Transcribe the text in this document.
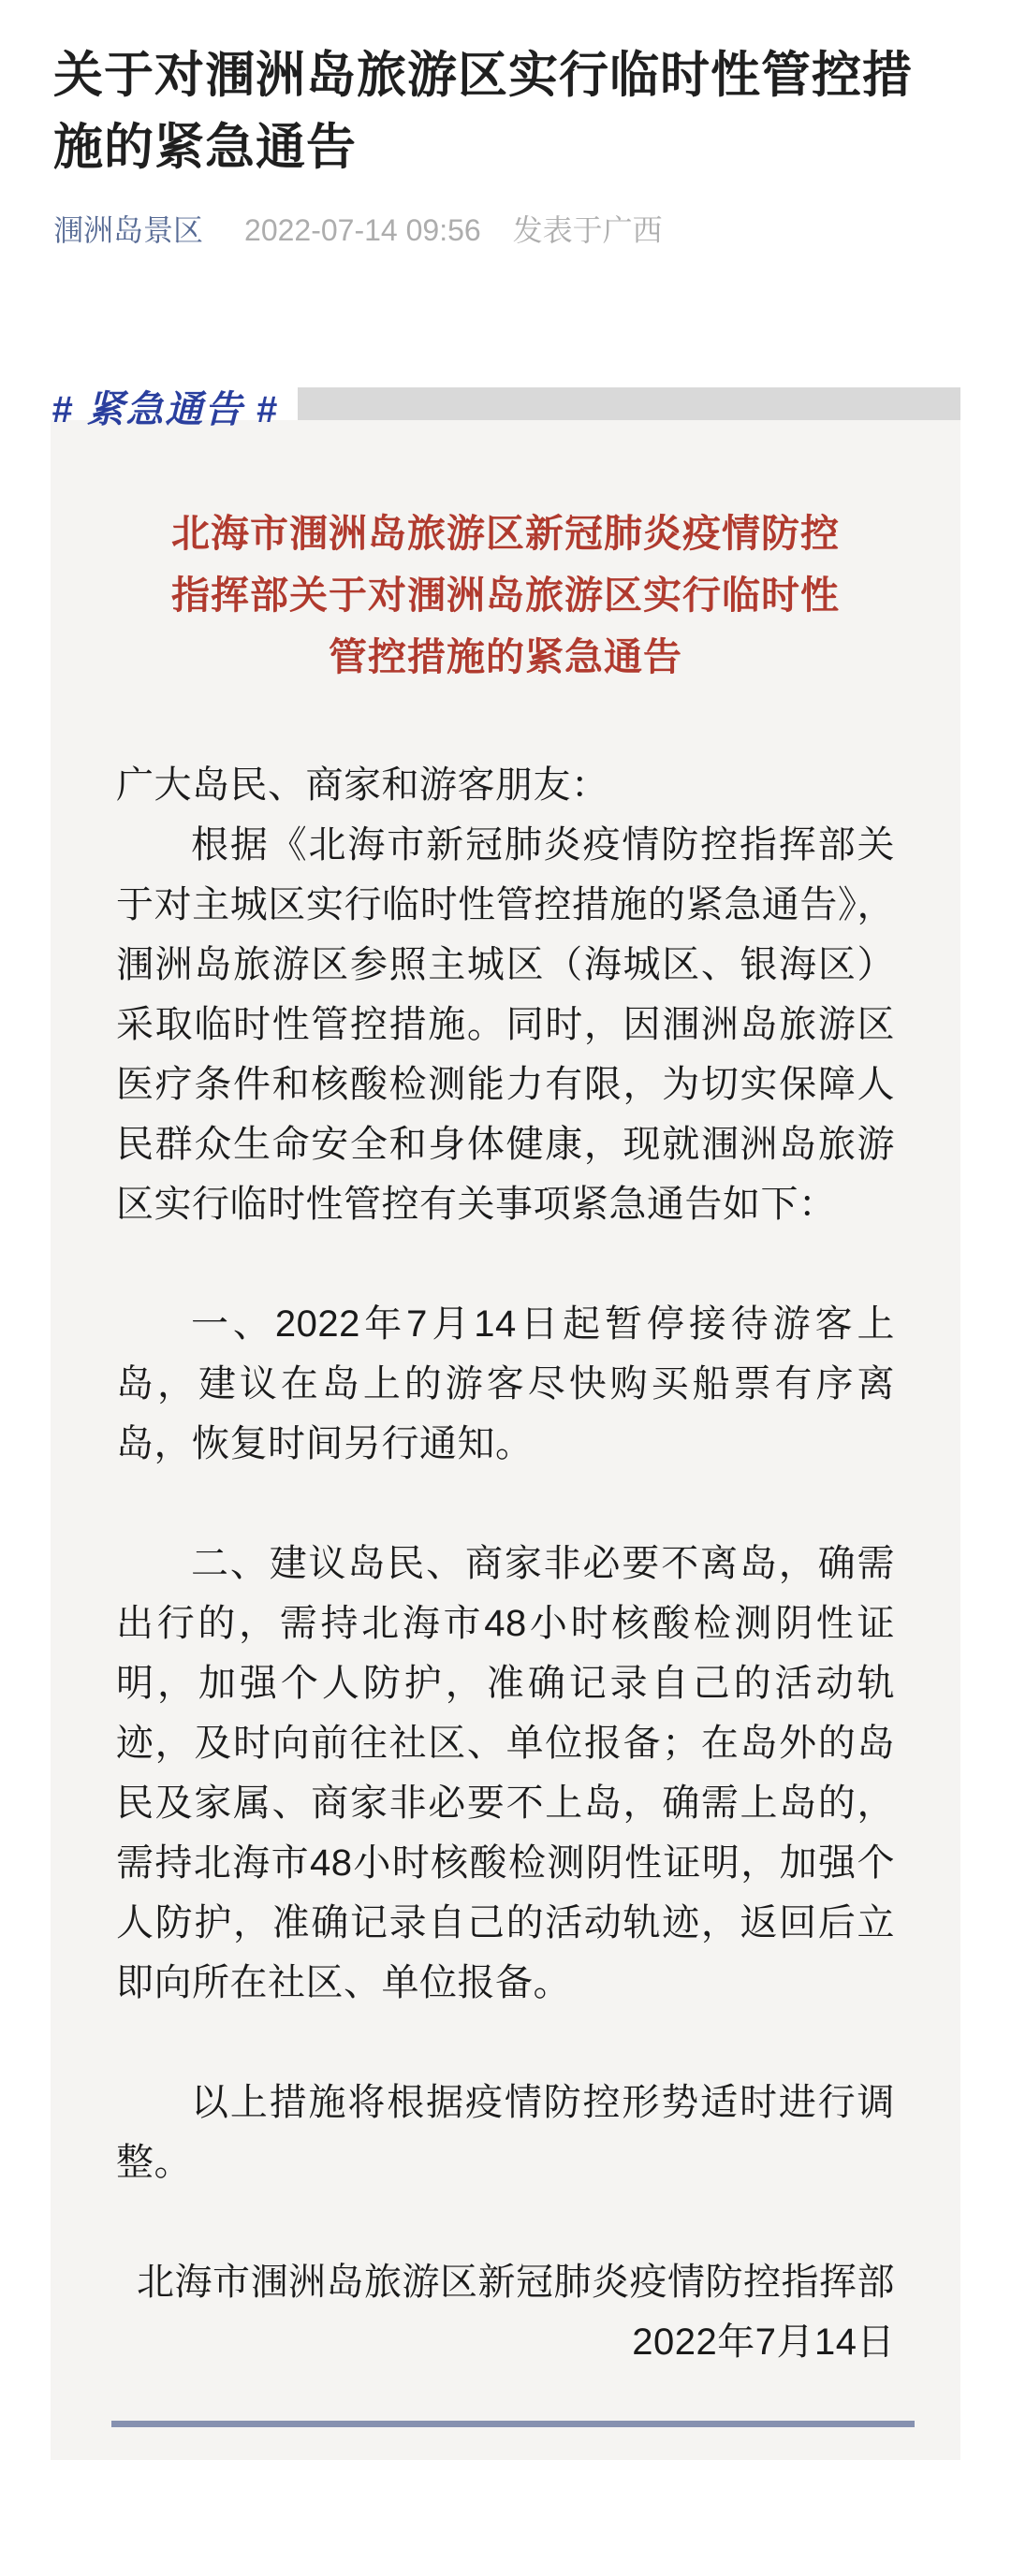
关于对涠洲岛旅游区实行临时性管控措施的紧急通告
涠洲岛景区 2022-07-14 09:56 发表于广西
# 紧急通告 #
北海市涠洲岛旅游区新冠肺炎疫情防控
指挥部关于对涠洲岛旅游区实行临时性
管控措施的紧急通告

广大岛民、商家和游客朋友：

根据《北海市新冠肺炎疫情防控指挥部关于对主城区实行临时性管控措施的紧急通告》，涠洲岛旅游区参照主城区（海城区、银海区）采取临时性管控措施。同时，因涠洲岛旅游区医疗条件和核酸检测能力有限，为切实保障人民群众生命安全和身体健康，现就涠洲岛旅游区实行临时性管控有关事项紧急通告如下：

一、2022年7月14日起暂停接待游客上岛，建议在岛上的游客尽快购买船票有序离岛，恢复时间另行通知。

二、建议岛民、商家非必要不离岛，确需出行的，需持北海市48小时核酸检测阴性证明，加强个人防护，准确记录自己的活动轨迹，及时向前往社区、单位报备；在岛外的岛民及家属、商家非必要不上岛，确需上岛的，需持北海市48小时核酸检测阴性证明，加强个人防护，准确记录自己的活动轨迹，返回后立即向所在社区、单位报备。

以上措施将根据疫情防控形势适时进行调整。

北海市涠洲岛旅游区新冠肺炎疫情防控指挥部

2022年7月14日
